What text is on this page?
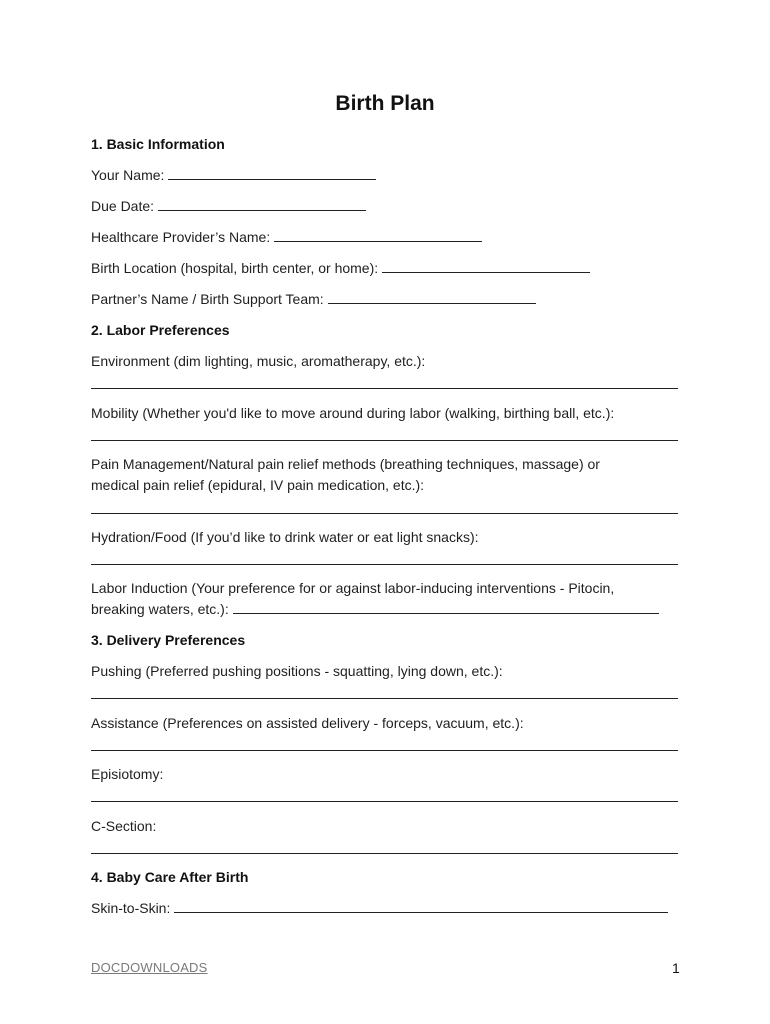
Birth Plan
1. Basic Information
Your Name:
Due Date:
Healthcare Provider’s Name:
Birth Location (hospital, birth center, or home):
Partner’s Name / Birth Support Team:
2. Labor Preferences
Environment (dim lighting, music, aromatherapy, etc.):
Mobility (Whether you'd like to move around during labor (walking, birthing ball, etc.):
Pain Management/Natural pain relief methods (breathing techniques, massage) or
medical pain relief (epidural, IV pain medication, etc.):
Hydration/Food (If you’d like to drink water or eat light snacks):
Labor Induction (Your preference for or against labor-inducing interventions - Pitocin,
breaking waters, etc.):
3. Delivery Preferences
Pushing (Preferred pushing positions - squatting, lying down, etc.):
Assistance (Preferences on assisted delivery - forceps, vacuum, etc.):
Episiotomy:
C-Section:
4. Baby Care After Birth
Skin-to-Skin:
DOCDOWNLOADS	1
